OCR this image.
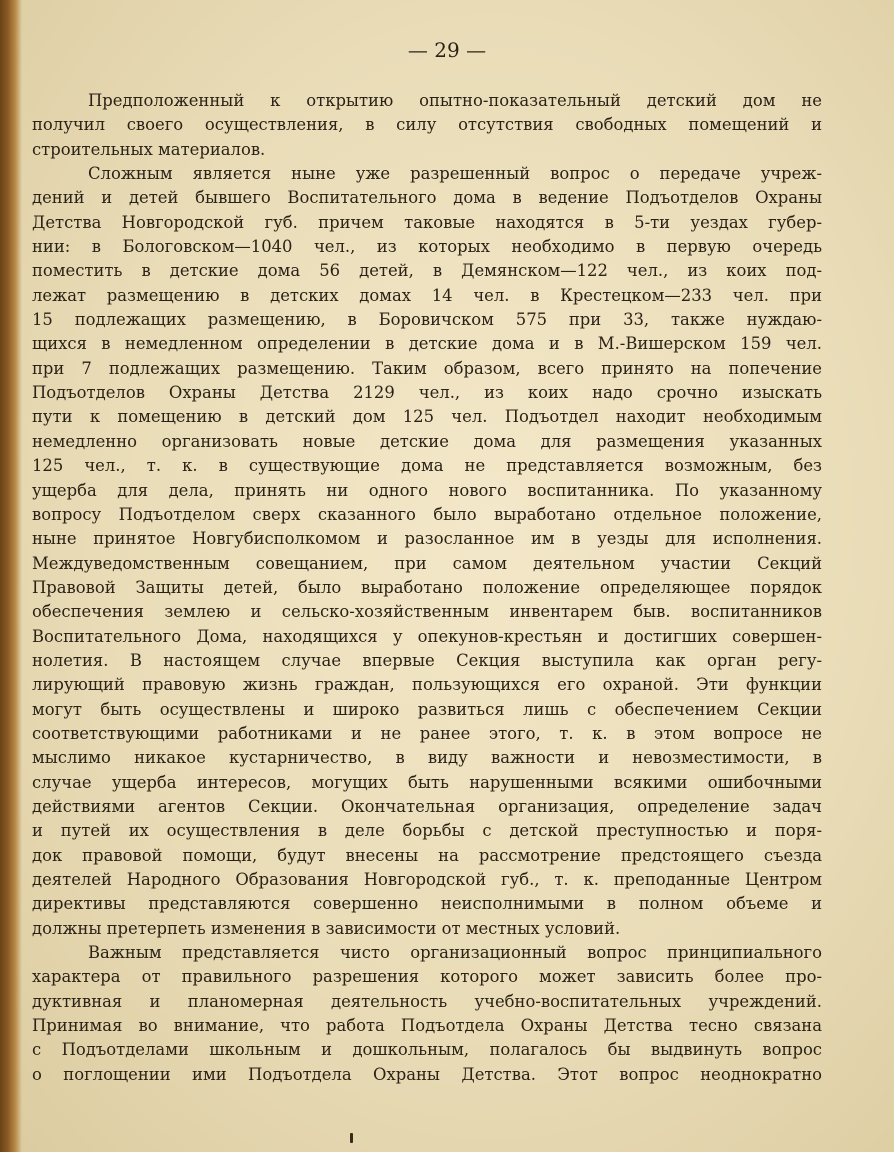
— 29 —
Предположенный к открытию опытно-показательный детский дом не
получил своего осуществления, в силу отсутствия свободных помещений и
строительных материалов.
Сложным является ныне уже разрешенный вопрос о передаче учреж-
дений и детей бывшего Воспитательного дома в ведение Подъотделов Охраны
Детства Новгородской губ. причем таковые находятся в 5-ти уездах губер-
нии: в Бологовском—1040 чел., из которых необходимо в первую очередь
поместить в детские дома 56 детей, в Демянском—122 чел., из коих под-
лежат размещению в детских домах 14 чел. в Крестецком—233 чел. при
15 подлежащих размещению, в Боровичском 575 при 33, также нуждаю-
щихся в немедленном определении в детские дома и в М.-Вишерском 159 чел.
при 7 подлежащих размещению. Таким образом, всего принято на попечение
Подъотделов Охраны Детства 2129 чел., из коих надо срочно изыскать
пути к помещению в детский дом 125 чел. Подъотдел находит необходимым
немедленно организовать новые детские дома для размещения указанных
125 чел., т. к. в существующие дома не представляется возможным, без
ущерба для дела, принять ни одного нового воспитанника. По указанному
вопросу Подъотделом сверх сказанного было выработано отдельное положение,
ныне принятое Новгубисполкомом и разосланное им в уезды для исполнения.
Междуведомственным совещанием, при самом деятельном участии Секций
Правовой Защиты детей, было выработано положение определяющее порядок
обеспечения землею и сельско-хозяйственным инвентарем быв. воспитанников
Воспитательного Дома, находящихся у опекунов-крестьян и достигших совершен-
нолетия. В настоящем случае впервые Секция выступила как орган регу-
лирующий правовую жизнь граждан, пользующихся его охраной. Эти функции
могут быть осуществлены и широко развиться лишь с обеспечением Секции
соответствующими работниками и не ранее этого, т. к. в этом вопросе не
мыслимо никакое кустарничество, в виду важности и невозместимости, в
случае ущерба интересов, могущих быть нарушенными всякими ошибочными
действиями агентов Секции. Окончательная организация, определение задач
и путей их осуществления в деле борьбы с детской преступностью и поря-
док правовой помощи, будут внесены на рассмотрение предстоящего съезда
деятелей Народного Образования Новгородской губ., т. к. преподанные Центром
директивы представляются совершенно неисполнимыми в полном объеме и
должны претерпеть изменения в зависимости от местных условий.
Важным представляется чисто организационный вопрос принципиального
характера от правильного разрешения которого может зависить более про-
дуктивная и планомерная деятельность учебно-воспитательных учреждений.
Принимая во внимание, что работа Подъотдела Охраны Детства тесно связана
с Подъотделами школьным и дошкольным, полагалось бы выдвинуть вопрос
о поглощении ими Подъотдела Охраны Детства. Этот вопрос неоднократно
